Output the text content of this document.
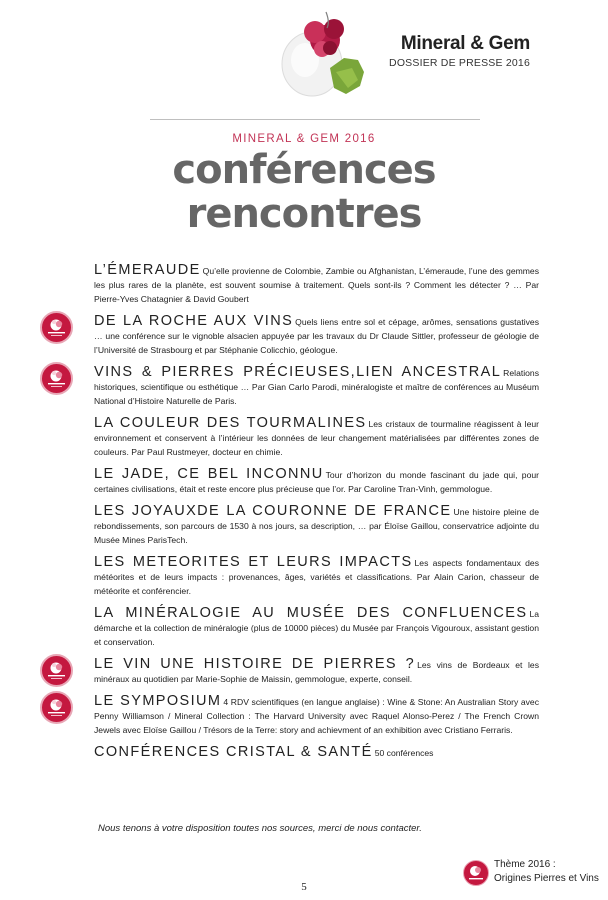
Mineral & Gem
DOSSIER DE PRESSE 2016
MINERAL & GEM 2016
conférences
rencontres
L’ÉMERAUDE Qu’elle provienne de Colombie, Zambie ou Afghanistan, L’émeraude, l’une des gemmes les plus rares de la planète, est souvent soumise à traitement. Quels sont-ils ? Comment les détecter ? … Par Pierre-Yves Chatagnier & David Goubert
DE LA ROCHE AUX VINS Quels liens entre sol et cépage, arômes, sensations gustatives … une conférence sur le vignoble alsacien appuyée par les travaux du Dr Claude Sittler, professeur de géologie de l’Université de Strasbourg et par Stéphanie Colicchio, géologue.
VINS & PIERRES PRÉCIEUSES,LIEN ANCESTRAL Relations historiques, scientifique ou esthétique … Par Gian Carlo Parodi, minéralogiste et maître de conférences au Muséum National d’Histoire Naturelle de Paris.
LA COULEUR DES TOURMALINES Les cristaux de tourmaline réagissent à leur environnement et conservent à l’intérieur les données de leur changement matérialisées par différentes zones de couleurs. Par Paul Rustmeyer, docteur en chimie.
LE JADE, CE BEL INCONNU Tour d’horizon du monde fascinant du jade qui, pour certaines civilisations, était et reste encore plus précieuse que l’or. Par Caroline Tran-Vinh, gemmologue.
LES JOYAUXDE LA COURONNE DE FRANCE Une histoire pleine de rebondissements, son parcours de 1530 à nos jours, sa description, … par Éloïse Gaillou, conservatrice adjointe du Musée Mines ParisTech.
LES METEORITES ET LEURS IMPACTS Les aspects fondamentaux des météorites et de leurs impacts : provenances, âges, variétés et classifications. Par Alain Carion, chasseur de météorite et conférencier.
LA MINÉRALOGIE AU MUSÉE DES CONFLUENCES La démarche et la collection de minéralogie (plus de 10000 pièces) du Musée par François Vigouroux, assistant gestion et conservation.
LE VIN UNE HISTOIRE DE PIERRES ? Les vins de Bordeaux et les minéraux au quotidien par Marie-Sophie de Maissin, gemmologue, experte, conseil.
LE SYMPOSIUM 4 RDV scientifiques (en langue anglaise) : Wine & Stone: An Australian Story avec Penny Williamson / Mineral Collection : The Harvard University avec Raquel Alonso-Perez / The French Crown Jewels avec Eloïse Gaillou / Trésors de la Terre: story and achievment of an exhibition avec Cristiano Ferraris.
CONFÉRENCES CRISTAL & SANTÉ 50 conférences
Nous tenons à votre disposition toutes nos sources, merci de nous contacter.
Thème 2016 :
Origines Pierres et Vins
5
